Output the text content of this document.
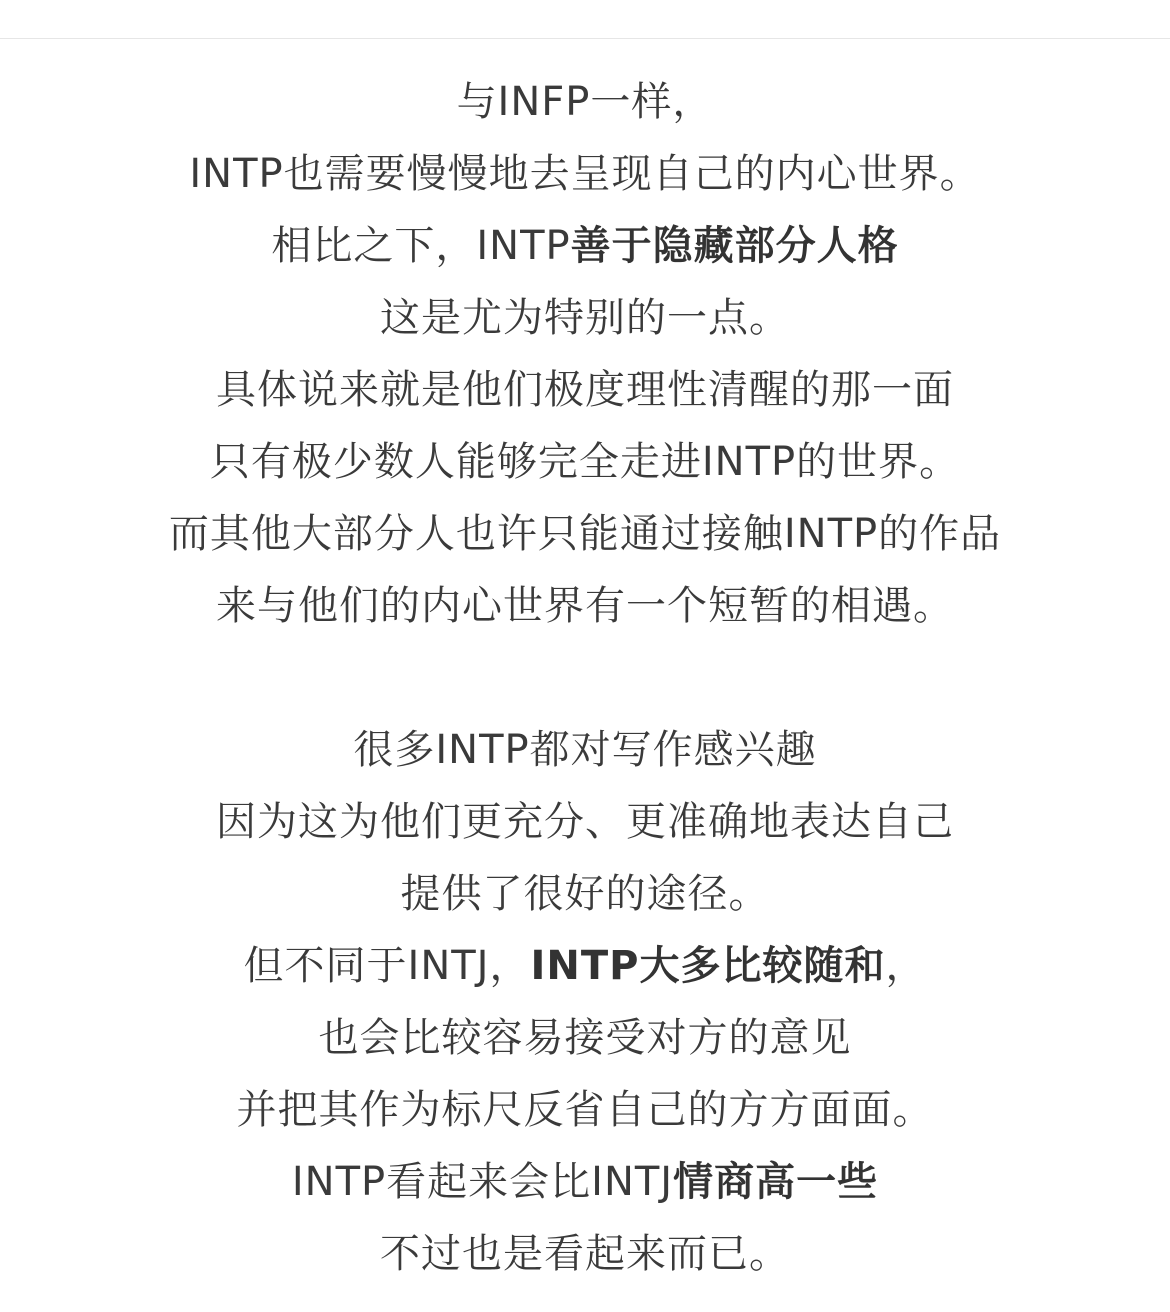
与INFP一样，
INTP也需要慢慢地去呈现自己的内心世界。
相比之下，INTP善于隐藏部分人格
这是尤为特别的一点。
具体说来就是他们极度理性清醒的那一面
只有极少数人能够完全走进INTP的世界。
而其他大部分人也许只能通过接触INTP的作品
来与他们的内心世界有一个短暂的相遇。
很多INTP都对写作感兴趣
因为这为他们更充分、更准确地表达自己
提供了很好的途径。
但不同于INTJ，INTP大多比较随和，
也会比较容易接受对方的意见
并把其作为标尺反省自己的方方面面。
INTP看起来会比INTJ情商高一些
不过也是看起来而已。
